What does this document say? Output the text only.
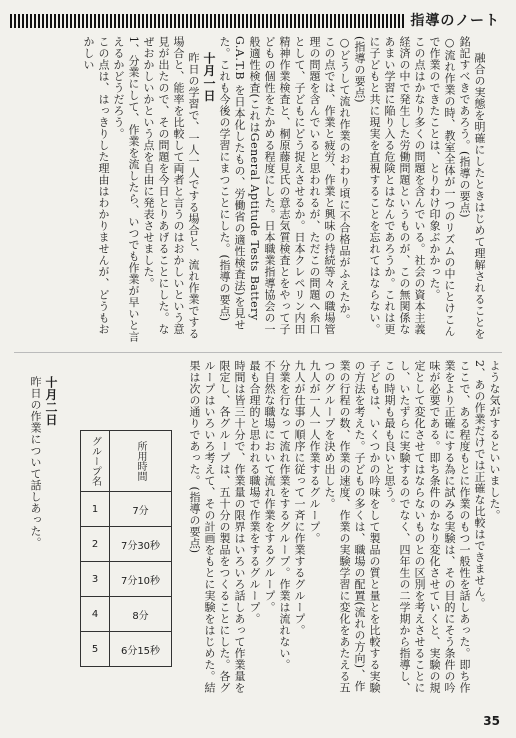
指導のノート

融合の実態を明確にしたときはじめて理解されることを銘記すべきであろう。(指導の要点)
○流れ作業の時、教室全体が一つのリズムの中にとけこんで作業のできたことは、とりわけ印象ぶかかった。
この点はかなり多くの問題を含んでいる。社会の資本主義経済の中で発生した労働問題というものが、この無関係なあまい学習に陥り入る危険とはなんであろうか。これは更に子どもと共に現実を直視することを忘れてはならない。(指導の要点)
○どうして流れ作業のおわり頃に不合格品がふえたか。
この点では、作業と疲労、作業と興味の持続等々の職場管理の問題を含んでいると思われるが、ただこの問題へ糸口として、子どもにどう捉えさせるか。日本クレペリン内田精神作業検査と、桐原藤見氏の意志気質検査とをやって子どもの個性をたかめる程度にした。日本職業指導協会の一般適性検査(これはGeneral Aptitude Tests Battery G.A.T.B を日本化したもの、労働省の適性検査法)を見せた。これも今後の学習にまつことにした。(指導の要点)
十月一日
昨日の学習で、一人一人でする場合と、流れ作業でする場合と、能率を比較して両者と言うのはおかしいという意見が出たので、その問題を今日とりあげることにした。なぜおかしいかという点を自由に発表させました。
1、分業にして、作業を流したら、いつでも作業が早いと言えるかどうだろう。
この点は、はっきりした理由はわかりませんが、どうもおかしい

ような気がするといいました。
2、あの作業だけでは正確な比較はできません。
ここで、ある程度もとに作業のもつ一般性を話しあった。即ち作業をより正確にする為に試みる実験は、その目的にそう条件の吟味が必要である。即ち条件のかなり変化させていくと、実験の規定として変化させてはならないものとの区別を考えさせることにし、いたずらに実験するのでなく、四年生の二学期から指導し、この時期も最も良いと思う。
子どもは、いくつかの吟味をして製品の質と量とを比較する実験の方法を考えた。子どもの多くは、職場の配置(流れの方向)、作業の行程の数、作業の速度、作業の実験学習に変化をあたえる五つのグループを決め出した。
九人が一人一人作業するグループ。
九人が仕事の順序に従って一斉に作業するグループ。
分業を行なって流れ作業をするグループ。作業は流れない。
不自然な職場において流れ作業をするグループ。
最も合理的と思われる職場で作業をするグループ。
時間は皆三十分で、作業量の限界はいろいろ話しあって作業量を限定し、各グループは、五十分の製品をつくることにした。各グループはいろいろ考えて、その計画をもとに実験をはじめた。結果は次の通りであった。(指導の要点)
グループ名	所用時間
1	7分
2	7分30秒
3	7分10秒
4	8分
5	6分15秒

十月二日
昨日の作業について話しあった。

35
